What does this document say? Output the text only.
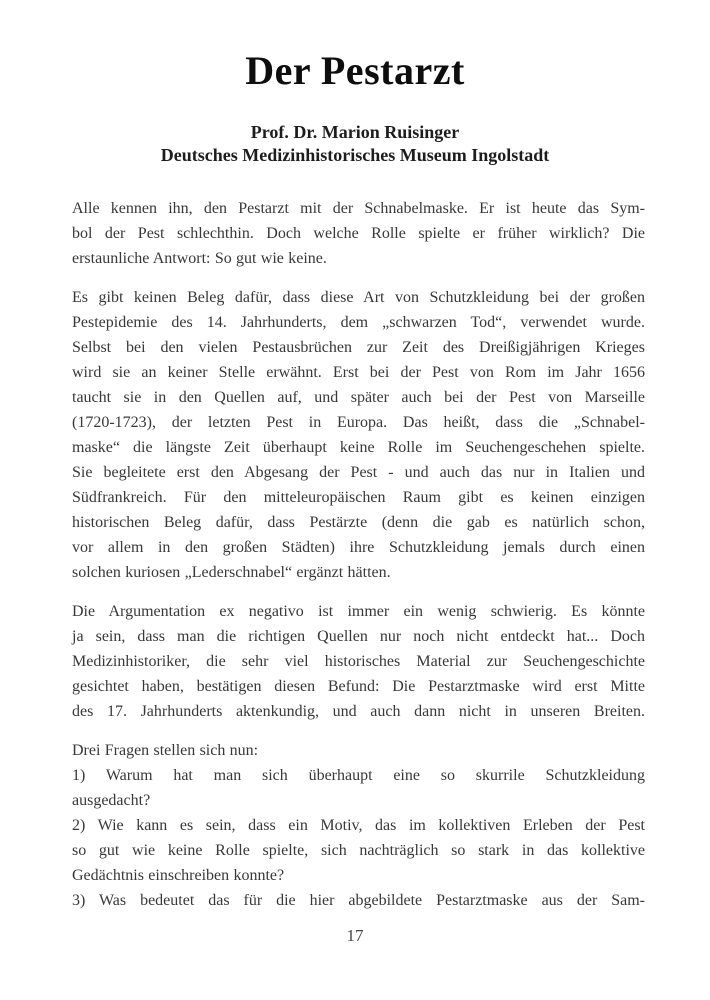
Der Pestarzt
Prof. Dr. Marion Ruisinger
Deutsches Medizinhistorisches Museum Ingolstadt
Alle kennen ihn, den Pestarzt mit der Schnabelmaske. Er ist heute das Sym-
bol der Pest schlechthin. Doch welche Rolle spielte er früher wirklich? Die
erstaunliche Antwort: So gut wie keine.
Es gibt keinen Beleg dafür, dass diese Art von Schutzkleidung bei der großen
Pestepidemie des 14. Jahrhunderts, dem „schwarzen Tod“, verwendet wurde.
Selbst bei den vielen Pestausbrüchen zur Zeit des Dreißigjährigen Krieges
wird sie an keiner Stelle erwähnt. Erst bei der Pest von Rom im Jahr 1656
taucht sie in den Quellen auf, und später auch bei der Pest von Marseille
(1720-1723), der letzten Pest in Europa. Das heißt, dass die „Schnabel-
maske“ die längste Zeit überhaupt keine Rolle im Seuchengeschehen spielte.
Sie begleitete erst den Abgesang der Pest - und auch das nur in Italien und
Südfrankreich. Für den mitteleuropäischen Raum gibt es keinen einzigen
historischen Beleg dafür, dass Pestärzte (denn die gab es natürlich schon,
vor allem in den großen Städten) ihre Schutzkleidung jemals durch einen
solchen kuriosen „Lederschnabel“ ergänzt hätten.
Die Argumentation ex negativo ist immer ein wenig schwierig. Es könnte
ja sein, dass man die richtigen Quellen nur noch nicht entdeckt hat... Doch
Medizinhistoriker, die sehr viel historisches Material zur Seuchengeschichte
gesichtet haben, bestätigen diesen Befund: Die Pestarztmaske wird erst Mitte
des 17. Jahrhunderts aktenkundig, und auch dann nicht in unseren Breiten.
Drei Fragen stellen sich nun:
1) Warum hat man sich überhaupt eine so skurrile Schutzkleidung
ausgedacht?
2) Wie kann es sein, dass ein Motiv, das im kollektiven Erleben der Pest
so gut wie keine Rolle spielte, sich nachträglich so stark in das kollektive
Gedächtnis einschreiben konnte?
3) Was bedeutet das für die hier abgebildete Pestarztmaske aus der Sam-
17
